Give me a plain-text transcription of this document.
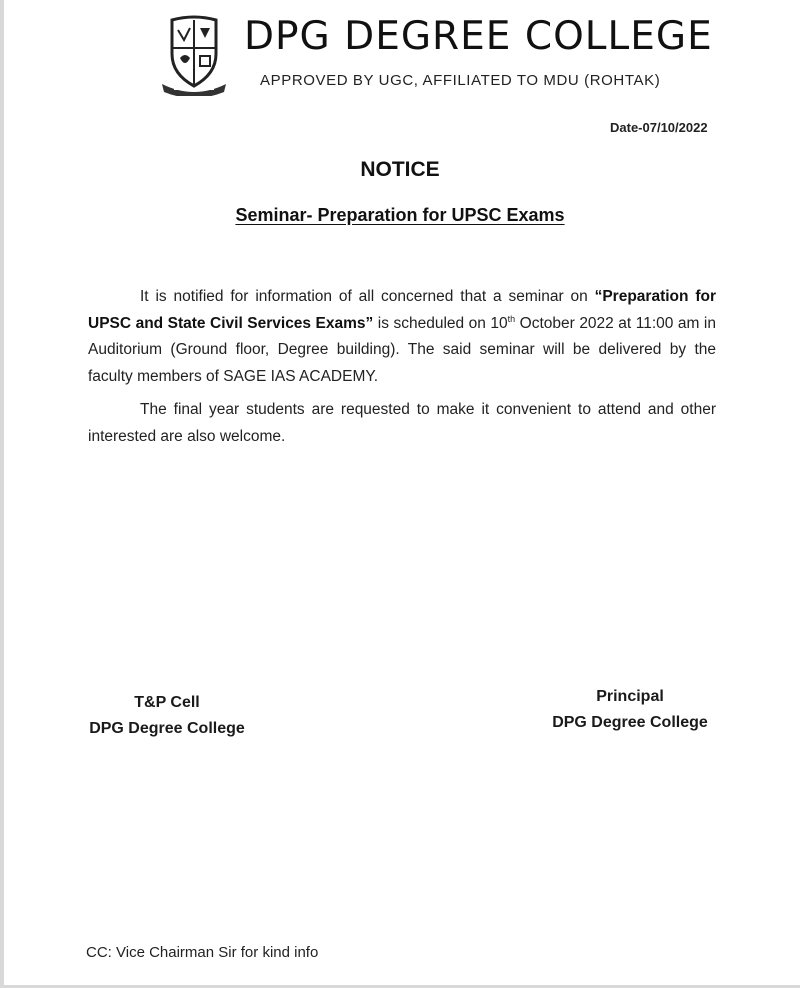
DPG DEGREE COLLEGE
APPROVED BY UGC, AFFILIATED TO MDU (ROHTAK)
Date-07/10/2022
NOTICE
Seminar- Preparation for UPSC Exams

It is notified for information of all concerned that a seminar on “Preparation for UPSC and State Civil Services Exams” is scheduled on 10th October 2022 at 11:00 am in Auditorium (Ground floor, Degree building). The said seminar will be delivered by the faculty members of SAGE IAS ACADEMY.

The final year students are requested to make it convenient to attend and other interested are also welcome.

T&P Cell
DPG Degree College
Principal
DPG Degree College
CC: Vice Chairman Sir for kind info
